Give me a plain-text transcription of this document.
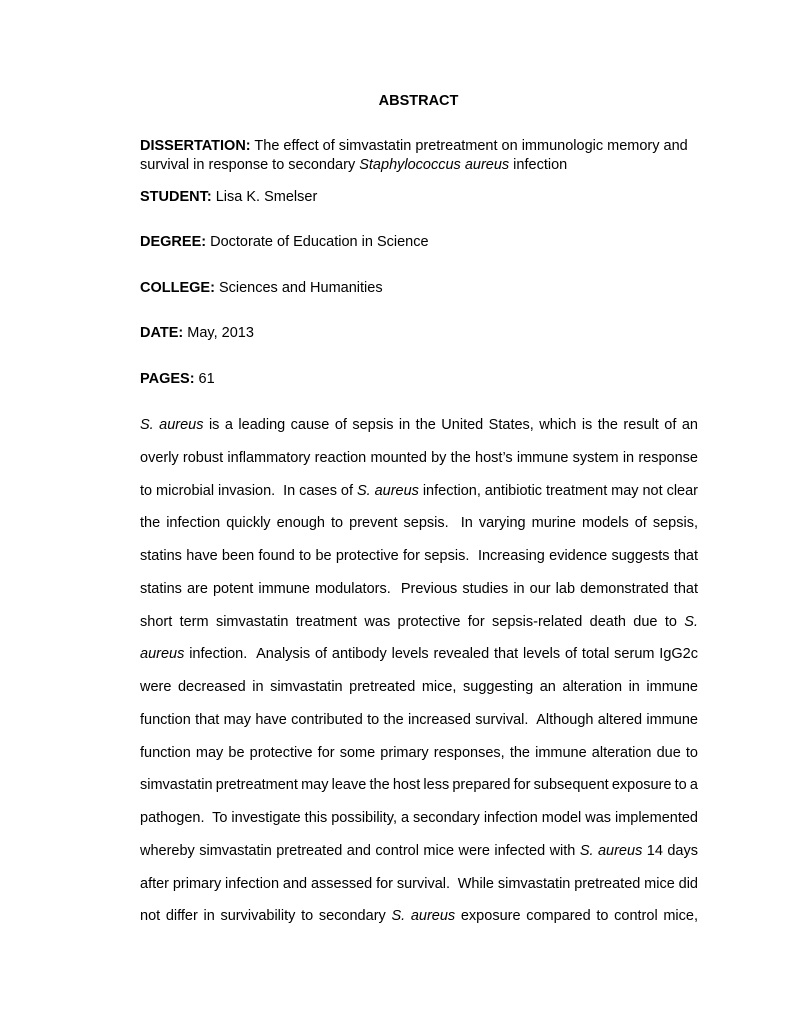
ABSTRACT
DISSERTATION: The effect of simvastatin pretreatment on immunologic memory and survival in response to secondary Staphylococcus aureus infection
STUDENT: Lisa K. Smelser
DEGREE: Doctorate of Education in Science
COLLEGE: Sciences and Humanities
DATE: May, 2013
PAGES: 61
S. aureus is a leading cause of sepsis in the United States, which is the result of an
overly robust inflammatory reaction mounted by the host’s immune system in response
to microbial invasion.  In cases of S. aureus infection, antibiotic treatment may not clear
the infection quickly enough to prevent sepsis.  In varying murine models of sepsis,
statins have been found to be protective for sepsis.  Increasing evidence suggests that
statins are potent immune modulators.  Previous studies in our lab demonstrated that
short term simvastatin treatment was protective for sepsis-related death due to S.
aureus infection.  Analysis of antibody levels revealed that levels of total serum IgG2c
were decreased in simvastatin pretreated mice, suggesting an alteration in immune
function that may have contributed to the increased survival.  Although altered immune
function may be protective for some primary responses, the immune alteration due to
simvastatin pretreatment may leave the host less prepared for subsequent exposure to a
pathogen.  To investigate this possibility, a secondary infection model was implemented
whereby simvastatin pretreated and control mice were infected with S. aureus 14 days
after primary infection and assessed for survival.  While simvastatin pretreated mice did
not differ in survivability to secondary S. aureus exposure compared to control mice,
